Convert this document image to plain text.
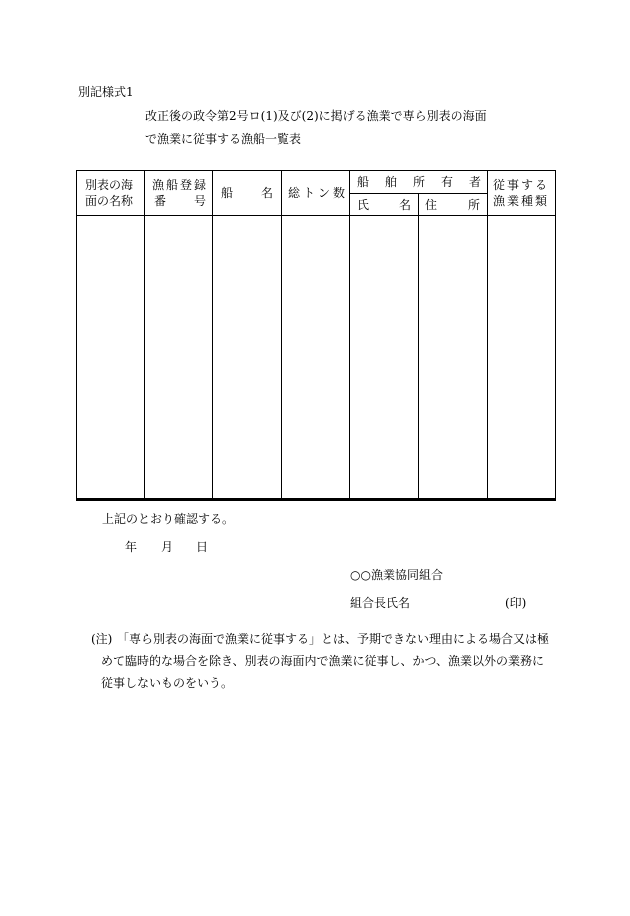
別記様式1
改正後の政令第2号ロ(1)及び(2)に掲げる漁業で専ら別表の海面
で漁業に従事する漁船一覧表
別表の海
面の名称
漁船登録
番 号
船 名 総トン数
船 舶 所 有 者
氏 名 住	所
従事する
漁業種類
上記のとおり確認する。
年 月 日
○○漁業協同組合
組合長氏名	(印)
(注) 「専ら別表の海面で漁業に従事する」とは、予期できない理由による場合又は極
めて臨時的な場合を除き、別表の海面内で漁業に従事し、かつ、漁業以外の業務に
従事しないものをいう。
